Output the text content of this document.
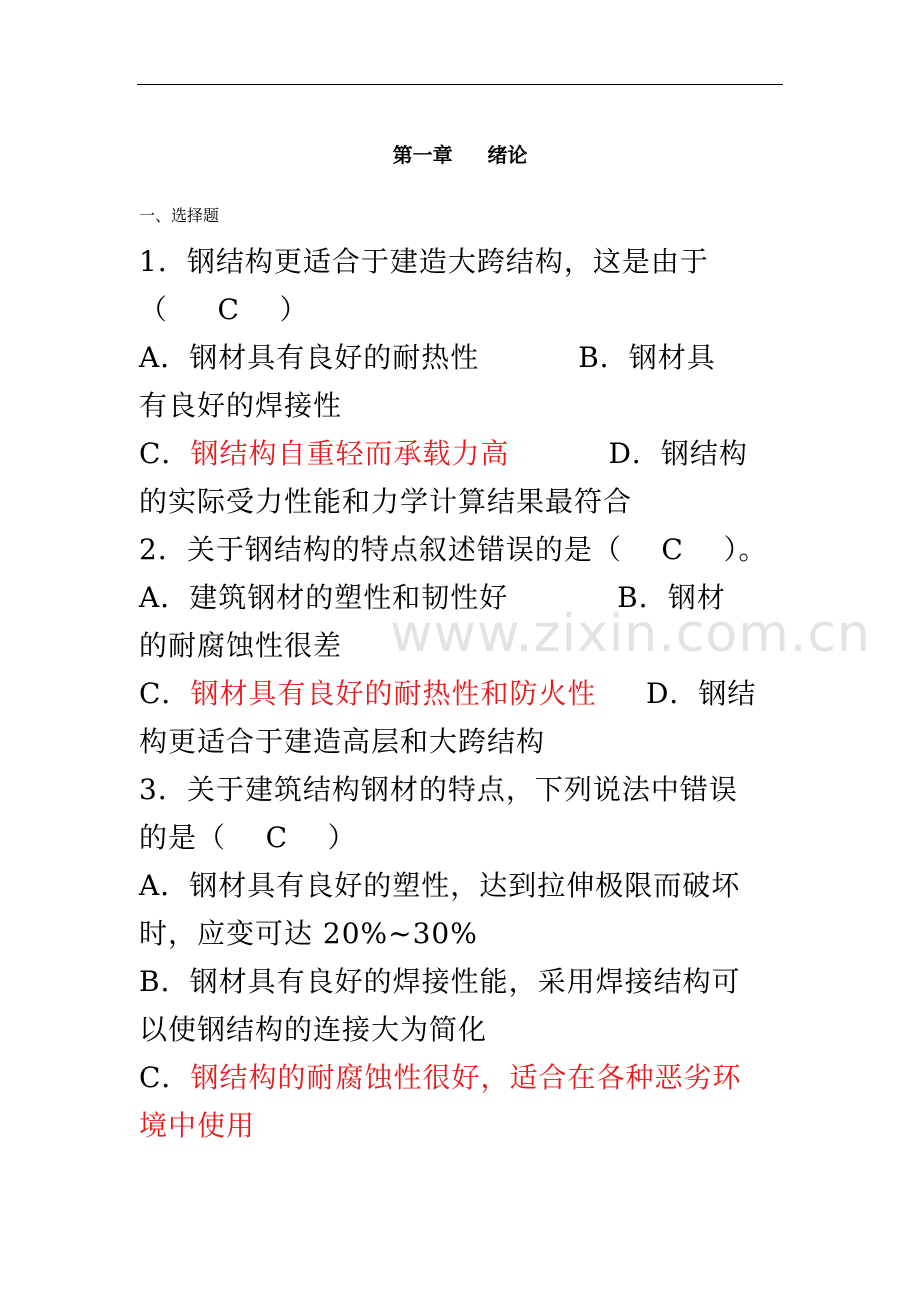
第一章     绪论
一、选择题
www.zixin.com.cn
1．钢结构更适合于建造大跨结构，这是由于
（     C    ）
A．钢材具有良好的耐热性          B．钢材具
有良好的焊接性
C．钢结构自重轻而承载力高          D．钢结构
的实际受力性能和力学计算结果最符合
2．关于钢结构的特点叙述错误的是（    C    ）。
A．建筑钢材的塑性和韧性好           B．钢材
的耐腐蚀性很差
C．钢材具有良好的耐热性和防火性     D．钢结
构更适合于建造高层和大跨结构
3．关于建筑结构钢材的特点，下列说法中错误
的是（    C    ）
A．钢材具有良好的塑性，达到拉伸极限而破坏
时，应变可达 20%~30%
B．钢材具有良好的焊接性能，采用焊接结构可
以使钢结构的连接大为简化
C．钢结构的耐腐蚀性很好，适合在各种恶劣环
境中使用
